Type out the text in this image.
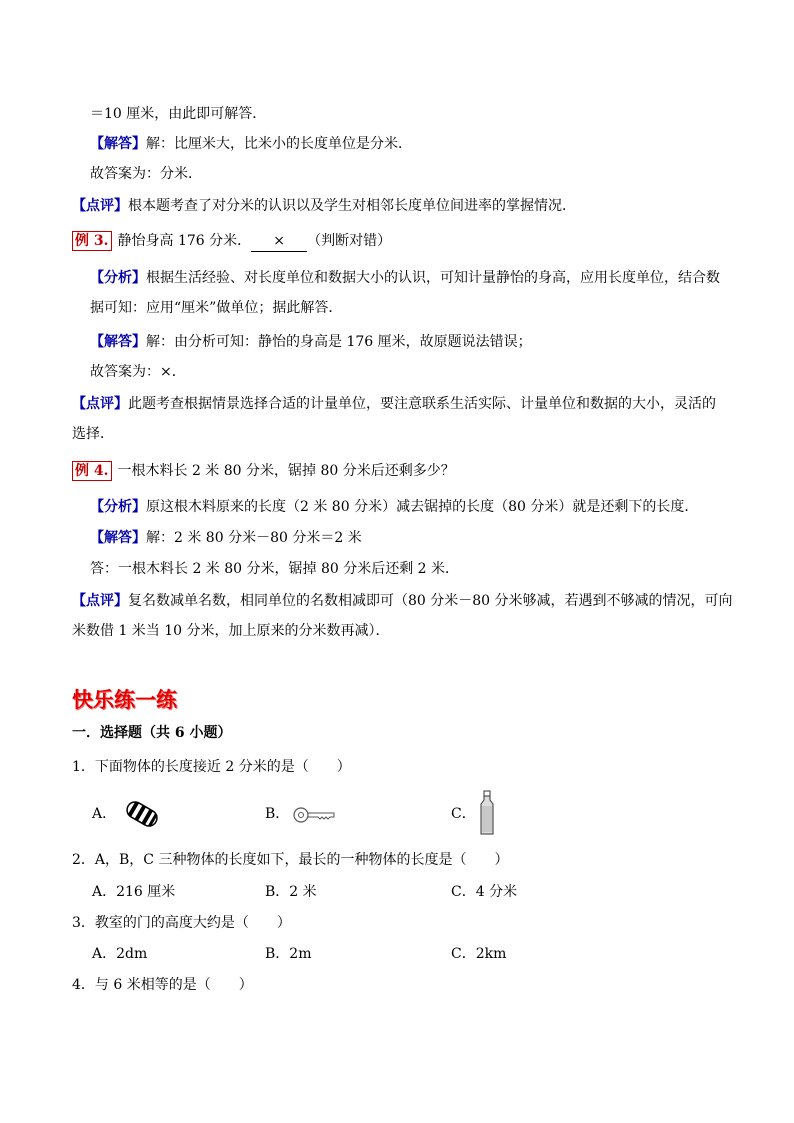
＝10 厘米，由此即可解答．
【解答】解：比厘米大，比米小的长度单位是分米．
故答案为：分米．
【点评】根本题考查了对分米的认识以及学生对相邻长度单位间进率的掌握情况．
例 3. 静怡身高 176 分米． × （判断对错）
【分析】根据生活经验、对长度单位和数据大小的认识，可知计量静怡的身高，应用长度单位，结合数
据可知：应用“厘米”做单位；据此解答．
【解答】解：由分析可知：静怡的身高是 176 厘米，故原题说法错误；
故答案为：×．
【点评】此题考查根据情景选择合适的计量单位，要注意联系生活实际、计量单位和数据的大小，灵活的
选择．
例 4. 一根木料长 2 米 80 分米，锯掉 80 分米后还剩多少？
【分析】原这根木料原来的长度（2 米 80 分米）减去锯掉的长度（80 分米）就是还剩下的长度．
【解答】解：2 米 80 分米－80 分米＝2 米
答：一根木料长 2 米 80 分米，锯掉 80 分米后还剩 2 米．
【点评】复名数减单名数，相同单位的名数相减即可（80 分米－80 分米够减，若遇到不够减的情况，可向
米数借 1 米当 10 分米，加上原来的分米数再减）．
快乐练一练
一．选择题（共 6 小题）
1．下面物体的长度接近 2 分米的是（　　）
A．	B．	C．
2．A，B，C 三种物体的长度如下，最长的一种物体的长度是（　　）
A．216 厘米	B．2 米	C．4 分米
3．教室的门的高度大约是（　　）
A．2dm	B．2m	C．2km
4．与 6 米相等的是（　　）
